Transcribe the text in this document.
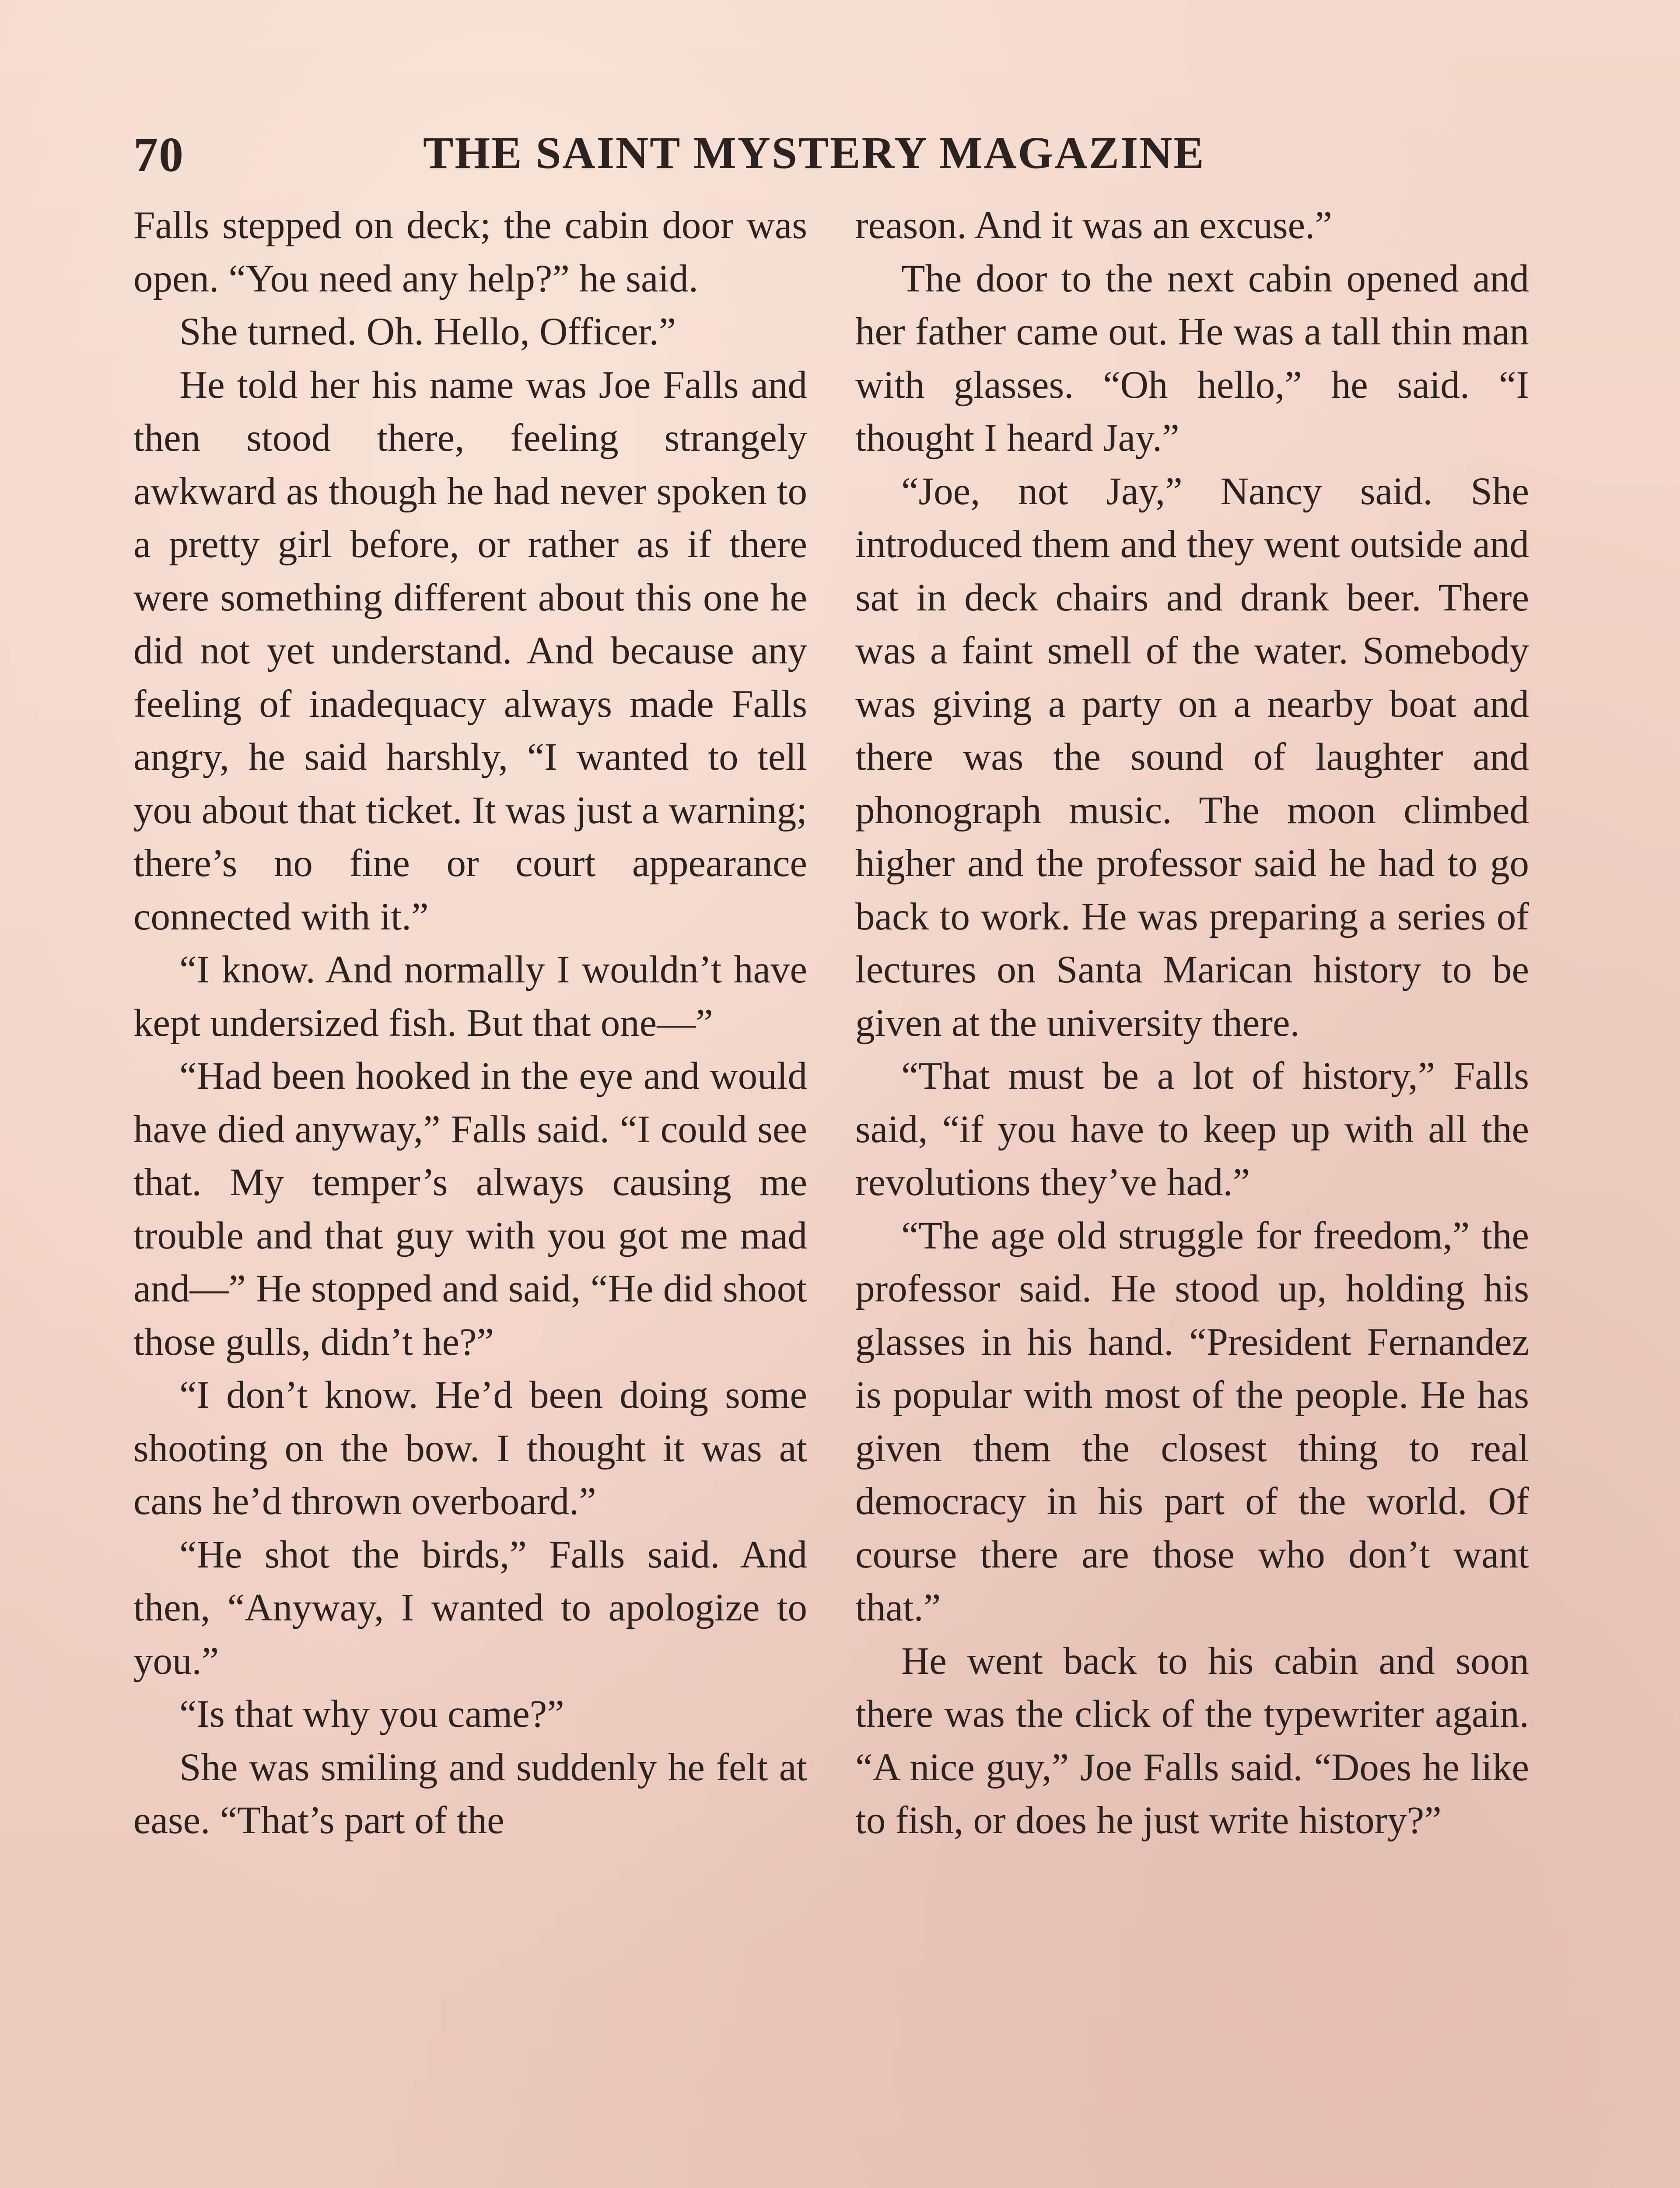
70	THE SAINT MYSTERY MAGAZINE

Falls stepped on deck; the cabin door was open. “You need any help?” he said.

She turned. Oh. Hello, Officer.”

He told her his name was Joe Falls and then stood there, feeling strangely awkward as though he had never spoken to a pretty girl before, or rather as if there were something different about this one he did not yet understand. And because any feeling of inadequacy always made Falls angry, he said harshly, “I wanted to tell you about that ticket. It was just a warning; there’s no fine or court appearance connected with it.”

“I know. And normally I wouldn’t have kept undersized fish. But that one—”

“Had been hooked in the eye and would have died anyway,” Falls said. “I could see that. My temper’s always causing me trouble and that guy with you got me mad and—” He stopped and said, “He did shoot those gulls, didn’t he?”

“I don’t know. He’d been doing some shooting on the bow. I thought it was at cans he’d thrown overboard.”

“He shot the birds,” Falls said. And then, “Anyway, I wanted to apologize to you.”

“Is that why you came?”

She was smiling and suddenly he felt at ease. “That’s part of the

reason. And it was an excuse.”

The door to the next cabin opened and her father came out. He was a tall thin man with glasses. “Oh hello,” he said. “I thought I heard Jay.”

“Joe, not Jay,” Nancy said. She introduced them and they went outside and sat in deck chairs and drank beer. There was a faint smell of the water. Somebody was giving a party on a nearby boat and there was the sound of laughter and phonograph music. The moon climbed higher and the professor said he had to go back to work. He was preparing a series of lectures on Santa Marican history to be given at the university there.

“That must be a lot of history,” Falls said, “if you have to keep up with all the revolutions they’ve had.”

“The age old struggle for freedom,” the professor said. He stood up, holding his glasses in his hand. “President Fernandez is popular with most of the people. He has given them the closest thing to real democracy in his part of the world. Of course there are those who don’t want that.”

He went back to his cabin and soon there was the click of the typewriter again. “A nice guy,” Joe Falls said. “Does he like to fish, or does he just write history?”
